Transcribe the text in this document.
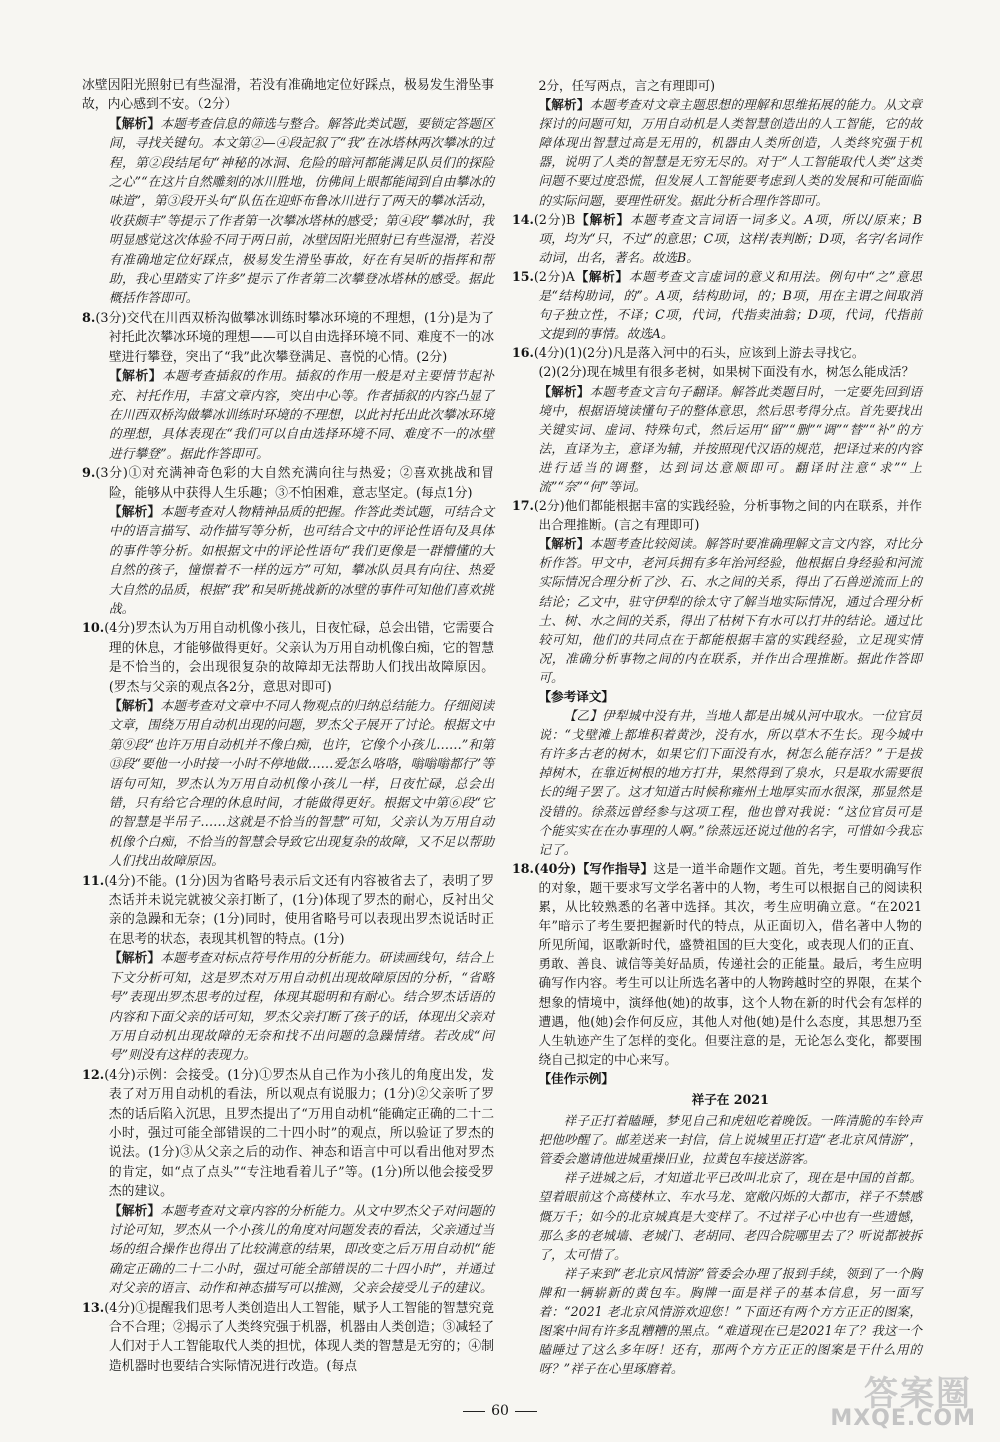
冰壁因阳光照射已有些湿滑，若没有准确地定位好踩点，极易发生滑坠事故，内心感到不安。（2分）

【解析】本题考查信息的筛选与整合。解答此类试题，要锁定答题区间，寻找关键句。本文第②—④段記叙了“我”在冰塔林两次攀冰的过程，第②段结尾句“神秘的冰洞、危险的暗河都能满足队员们的探险之心”“在这片自然雕刻的冰川胜地，仿佛间上眼都能闻到自由攀冰的味道”，第③段开头句“队伍在迎虾布鲁冰川进行了两天的攀冰活动，收获颇丰”等提示了作者第一次攀冰塔林的感受；第④段“攀冰时，我明显感觉这次体验不同于两日前，冰壁因阳光照射已有些湿滑，若没有准确地定位好踩点，极易发生滑坠事故，好在有吴昕的指挥和帮助，我心里踏实了许多”提示了作者第二次攀登冰塔林的感受。据此概括作答即可。

8.(3分)交代在川西双桥沟做攀冰训练时攀冰环境的不理想，(1分)是为了衬托此次攀冰环境的理想——可以自由选择环境不同、难度不一的冰壁进行攀登，突出了“我”此次攀登满足、喜悦的心情。(2分)

【解析】本题考查插叙的作用。插叙的作用一般是对主要情节起补充、衬托作用，丰富文章内容，突出中心等。作者插叙的内容凸显了在川西双桥沟做攀冰训练时环境的不理想，以此衬托出此次攀冰环境的理想，具体表现在“我们可以自由选择环境不同、难度不一的冰壁进行攀登”。据此作答即可。

9.(3分)①对充满神奇色彩的大自然充满向往与热爱；②喜欢挑战和冒险，能够从中获得人生乐趣；③不怕困难，意志坚定。(每点1分)

【解析】本题考查对人物精神品质的把握。作答此类试题，可结合文中的语言描写、动作描写等分析，也可结合文中的评论性语句及具体的事件等分析。如根据文中的评论性语句“我们更像是一群懵懂的大自然的孩子，憧憬着不一样的远方”可知，攀冰队员具有向往、热爱大自然的品质，根据“我”和吴昕挑战新的冰壁的事件可知他们喜欢挑战。

10.(4分)罗杰认为万用自动机像小孩儿，日夜忙碌，总会出错，它需要合理的休息，才能够做得更好。父亲认为万用自动机像白痴，它的智慧是不恰当的，会出现很复杂的故障却无法帮助人们找出故障原因。(罗杰与父亲的观点各2分，意思对即可)

【解析】本题考查对文章中不同人物观点的归纳总结能力。仔细阅读文章，围绕万用自动机出现的问题，罗杰父子展开了讨论。根据文中第⑨段“也许万用自动机并不像白痴，也许，它像个小孩儿……”和第⑬段“要他一小时接一小时不停地做……爱怎么咯咯，嗡嗡嗡都行”等语句可知，罗杰认为万用自动机像小孩儿一样，日夜忙碌，总会出错，只有给它合理的休息时间，才能做得更好。根据文中第⑥段“它的智慧是半吊子……这就是不恰当的智慧”可知，父亲认为万用自动机像个白痴，不恰当的智慧会导致它出现复杂的故障，又不足以帮助人们找出故障原因。

11.(4分)不能。(1分)因为省略号表示后文还有内容被省去了，表明了罗杰话并未说完就被父亲打断了，(1分)体现了罗杰的耐心，反衬出父亲的急躁和无奈；(1分)同时，使用省略号可以表现出罗杰说话时正在思考的状态，表现其机智的特点。(1分)

【解析】本题考查对标点符号作用的分析能力。研读画线句，结合上下文分析可知，这是罗杰对万用自动机出现故障原因的分析，“省略号”表现出罗杰思考的过程，体现其聪明和有耐心。结合罗杰话语的内容和下面父亲的话可知，罗杰父亲打断了孩子的话，体现出父亲对万用自动机出现故障的无奈和找不出问题的急躁情绪。若改成“问号”则没有这样的表现力。

12.(4分)示例：会接受。(1分)①罗杰从自己作为小孩儿的角度出发，发表了对万用自动机的看法，所以观点有说服力；(1分)②父亲听了罗杰的话后陷入沉思，且罗杰提出了“万用自动机“能确定正确的二十二小时，强过可能全部错误的二十四小时”的观点，所以验证了罗杰的说法。(1分)③从父亲之后的动作、神态和语言中可以看出他对罗杰的肯定，如“点了点头”“专注地看着儿子”等。(1分)所以他会接受罗杰的建议。

【解析】本题考查对文章内容的分析能力。从文中罗杰父子对问题的讨论可知，罗杰从一个小孩儿的角度对问题发表的看法，父亲通过当场的组合操作也得出了比较满意的结果，即改变之后万用自动机“能确定正确的二十二小时，强过可能全部错误的二十四小时”，并通过对父亲的语言、动作和神态描写可以推测，父亲会接受儿子的建议。

13.(4分)①提醒我们思考人类创造出人工智能，赋予人工智能的智慧究竟合不合理；②揭示了人类终究强于机器，机器由人类创造；③减轻了人们对于人工智能取代人类的担忧，体现人类的智慧是无穷的；④制造机器时也要结合实际情况进行改造。(每点

2分，任写两点，言之有理即可)

【解析】本题考查对文章主题思想的理解和思维拓展的能力。从文章探讨的问题可知，万用自动机是人类智慧创造出的人工智能，它的故障体现出智慧过高是无用的，机器由人类所创造，人类终究强于机器，说明了人类的智慧是无穷无尽的。对于“人工智能取代人类”这类问题不要过度恐慌，但发展人工智能要考虑到人类的发展和可能面临的实际问题，要理性研发。据此分析合理作答即可。

14.(2分)B【解析】本题考查文言词语一词多义。A项，所以/原来；B项，均为“只，不过”的意思；C项，这样/表判断；D项，名字/名词作动词，出名，著名。故选B。

15.(2分)A【解析】本题考查文言虚词的意义和用法。例句中“之”意思是“结构助词，的”。A项，结构助词，的；B项，用在主谓之间取消句子独立性，不译；C项，代词，代指卖油翁；D项，代词，代指前文提到的事情。故选A。

16.(4分)(1)(2分)凡是落入河中的石头，应该到上游去寻找它。

(2)(2分)现在城里有很多老树，如果树下面没有水，树怎么能成活？

【解析】本题考查文言句子翻译。解答此类题目时，一定要先回到语境中，根据语境读懂句子的整体意思，然后思考得分点。首先要找出关键实词、虚词、特殊句式，然后运用“留”“删”“调”“替”“补”的方法，直译为主，意译为辅，并按照现代汉语的规范，把译过来的内容进行适当的调整，达到词达意顺即可。翻译时注意“求”“上流”“奈”“何”等词。

17.(2分)他们都能根据丰富的实践经验，分析事物之间的内在联系，并作出合理推断。(言之有理即可)

【解析】本题考查比较阅读。解答时要准确理解文言文内容，对比分析作答。甲文中，老河兵拥有多年治河经验，他根据自身经验和河流实际情况合理分析了沙、石、水之间的关系，得出了石兽逆流而上的结论；乙文中，驻守伊犁的徐太守了解当地实际情况，通过合理分析土、树、水之间的关系，得出了枯树下有水可以打井的结论。通过比较可知，他们的共同点在于都能根据丰富的实践经验，立足现实情况，准确分析事物之间的内在联系，并作出合理推断。据此作答即可。

【参考译文】

【乙】伊犁城中没有井，当地人都是出城从河中取水。一位官员说：“戈壁滩上都堆积着黄沙，没有水，所以草木不生长。现今城中有许多古老的树木，如果它们下面没有水，树怎么能存活？”于是拔掉树木，在靠近树根的地方打井，果然得到了泉水，只是取水需要很长的绳子罢了。这才知道古时候称雍州土地厚实而水很深，那显然是没错的。徐蒸远曾经参与这项工程，他也曾对我说：“这位官员可是个能实实在在办事理的人啊。”徐蒸远还说过他的名字，可惜如今我忘记了。

18.(40分)【写作指导】这是一道半命题作文题。首先，考生要明确写作的对象，题干要求写文学名著中的人物，考生可以根据自己的阅读积累，从比较熟悉的名著中选择。其次，考生应明确立意。“在2021年”暗示了考生要把握新时代的特点，从正面切入，借名著中人物的所见所闻，讴歌新时代，盛赞祖国的巨大变化，或表现人们的正直、勇敢、善良、诚信等美好品质，传递社会的正能量。最后，考生应明确写作内容。考生可以让所选名著中的人物跨越时空的界限，在某个想象的情境中，演绎他(她)的故事，这个人物在新的时代会有怎样的遭遇，他(她)会作何反应，其他人对他(她)是什么态度，其思想乃至人生轨迹产生了怎样的变化。但要注意的是，无论怎么变化，都要围绕自己拟定的中心来写。

【佳作示例】

祥子在 2021

祥子正打着瞌睡，梦见自己和虎妞吃着晚饭。一阵清脆的车铃声把他吵醒了。邮差送来一封信，信上说城里正打造“老北京风情游”，管委会邀请他进城重操旧业，拉黄包车接送游客。

祥子进城之后，才知道北平已改叫北京了，现在是中国的首都。望着眼前这个高楼林立、车水马龙、宽敞闪烁的大都市，祥子不禁感慨万千；如今的北京城真是大变样了。不过祥子心中也有一些遗憾，那么多的老城墙、老城门、老胡同、老四合院哪里去了？听说都被拆了，太可惜了。

祥子来到“老北京风情游”管委会办理了报到手续，领到了一个胸牌和一辆崭新的黄包车。胸牌一面是祥子的基本信息，另一面写着：“2021 老北京风情游欢迎您！”下面还有两个方方正正的图案，图案中间有许多乱糟糟的黑点。“难道现在已是2021年了？我这一个瞌睡过了这么多年呀！还有，那两个方方正正的图案是干什么用的呀？”祥子在心里琢磨着。

60	答案圈
MXQE.COM
